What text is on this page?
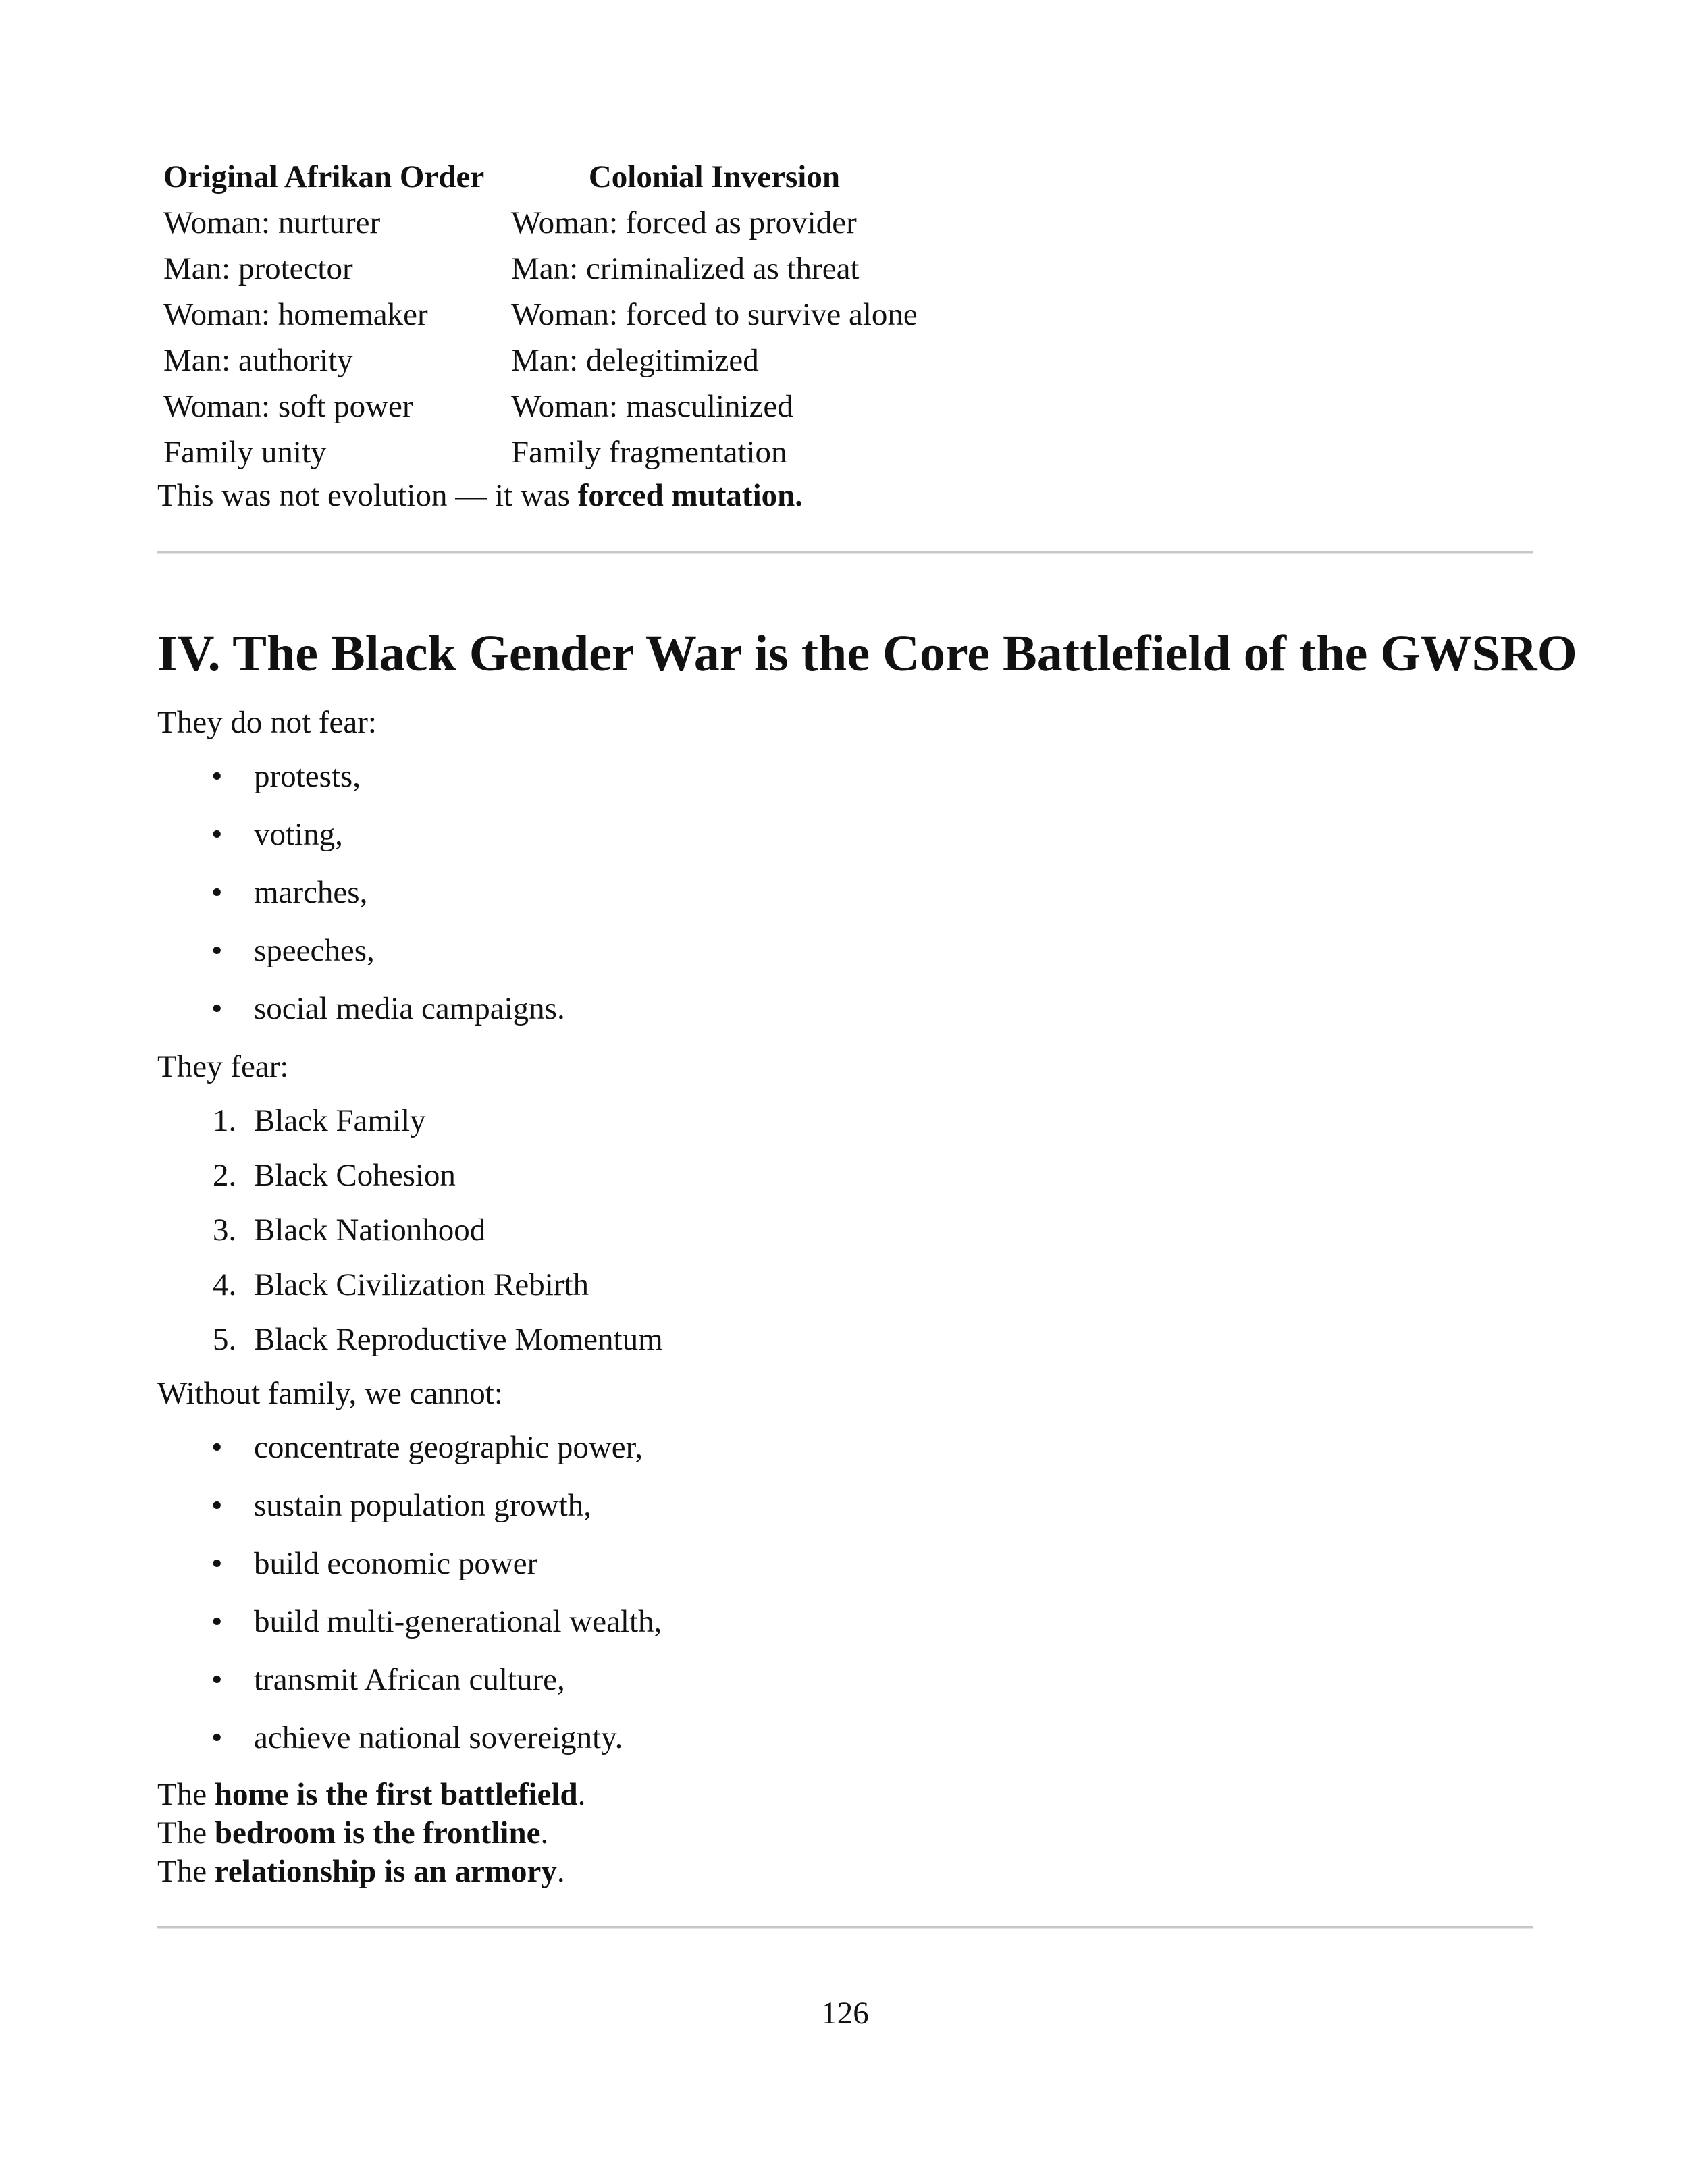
Original Afrikan Order	Colonial Inversion
Woman: nurturer	Woman: forced as provider
Man: protector	Man: criminalized as threat
Woman: homemaker	Woman: forced to survive alone
Man: authority	Man: delegitimized
Woman: soft power	Woman: masculinized
Family unity	Family fragmentation
This was not evolution — it was forced mutation.
IV. The Black Gender War is the Core Battlefield of the GWSRO
They do not fear:
• protests,
• voting,
• marches,
• speeches,
• social media campaigns.
They fear:
1. Black Family
2. Black Cohesion
3. Black Nationhood
4. Black Civilization Rebirth
5. Black Reproductive Momentum
Without family, we cannot:
• concentrate geographic power,
• sustain population growth,
• build economic power
• build multi-generational wealth,
• transmit African culture,
• achieve national sovereignty.
The home is the first battlefield.
The bedroom is the frontline.
The relationship is an armory.
126
